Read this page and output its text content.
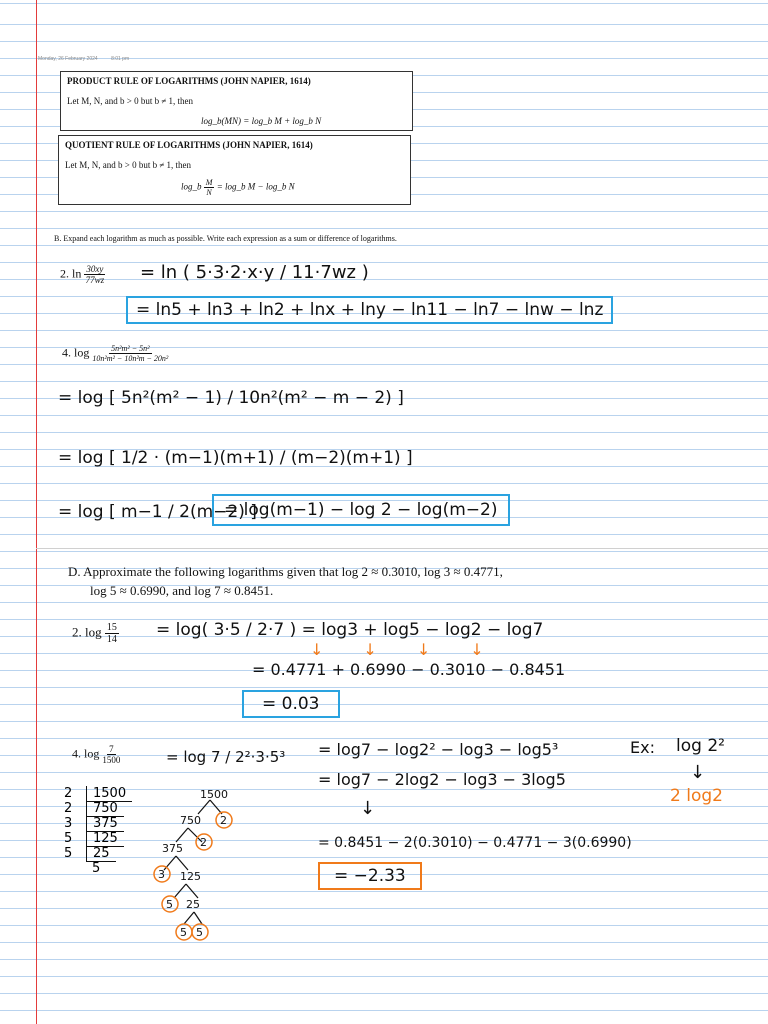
Monday, 26 February 2024	8:01 pm
PRODUCT RULE OF LOGARITHMS (JOHN NAPIER, 1614)
Let M, N, and b > 0 but b ≠ 1, then
log_b(MN) = log_b M + log_b N
QUOTIENT RULE OF LOGARITHMS (JOHN NAPIER, 1614)
Let M, N, and b > 0 but b ≠ 1, then
log_b $\frac{M}{N}$ = log_b M − log_b N
B. Expand each logarithm as much as possible. Write each expression as a sum or difference of logarithms.
2. $\ln \frac{30xy}{77wz} = \ln$ ( 5·3·2·x·y / 11·7wz )
= ln5 + ln3 + ln2 + lnx + lny − ln11 − ln7 − lnw − lnz
4. $\log \frac{\text{5n²m² − 5n²}}{\text{10n²m² − 10n²m − 20n²}}$
= log [ 5n²(m² − 1) / 10n²(m² − m − 2) ]
= log [ 1/2 · (m−1)(m+1) / (m−2)(m+1) ]
= log [ m−1 / 2(m−2) ]
= log(m−1) − log 2 − log(m−2)
D. Approximate the following logarithms given that log 2 ≈ 0.3010, log 3 ≈ 0.4771,
log 5 ≈ 0.6990, and log 7 ≈ 0.8451.
2. $\log \frac{15}{14} = \log$( 3·5 / 2·7 ) = log3 + log5 − log2 − log7
↓↓↓↓
= 0.4771 + 0.6990 − 0.3010 − 0.8451
= 0.03
4. $\log \frac{7}{1500}$	= log 7 / 2²·3·5³ = log7 − log2² − log3 − log5³
= log7 − 2log2 − log3 − 3log5
↓
= 0.8451 − 2(0.3010) − 0.4771 − 3(0.6990)
= −2.33
Ex: log 2²
↓
2 log2
2 1500
2 750
3 375
5 125
5 25
5
1500
750 2
375 2
3 125
5 25
5 5
